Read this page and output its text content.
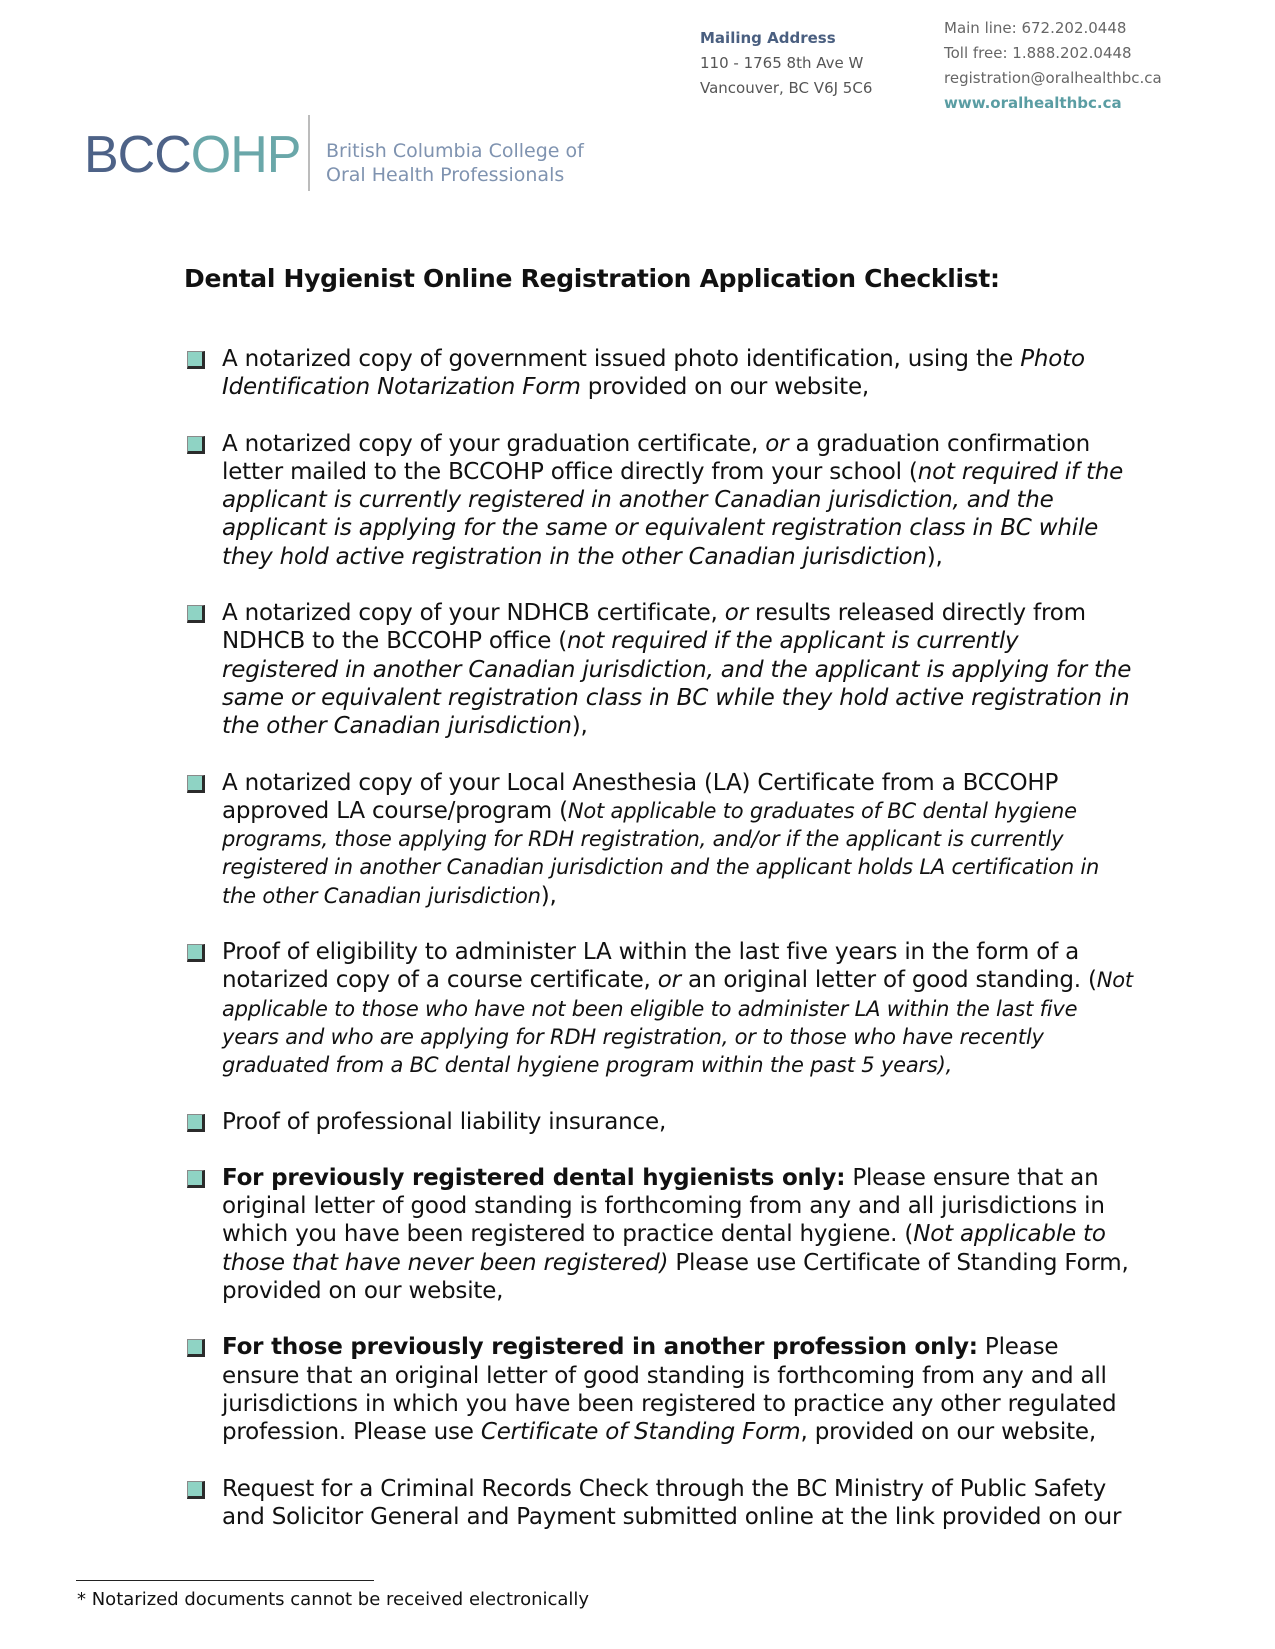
Mailing Address
110 - 1765 8th Ave W
Vancouver, BC V6J 5C6
Main line: 672.202.0448
Toll free: 1.888.202.0448
registration@oralhealthbc.ca
www.oralhealthbc.ca
BCCOHP British Columbia College of
Oral Health Professionals
Dental Hygienist Online Registration Application Checklist:
A notarized copy of government issued photo identification, using the Photo Identification Notarization Form provided on our website,
A notarized copy of your graduation certificate, or a graduation confirmation letter mailed to the BCCOHP office directly from your school (not required if the applicant is currently registered in another Canadian jurisdiction, and the applicant is applying for the same or equivalent registration class in BC while they hold active registration in the other Canadian jurisdiction),
A notarized copy of your NDHCB certificate, or results released directly from NDHCB to the BCCOHP office (not required if the applicant is currently registered in another Canadian jurisdiction, and the applicant is applying for the same or equivalent registration class in BC while they hold active registration in the other Canadian jurisdiction),
A notarized copy of your Local Anesthesia (LA) Certificate from a BCCOHP approved LA course/program (Not applicable to graduates of BC dental hygiene programs, those applying for RDH registration, and/or if the applicant is currently registered in another Canadian jurisdiction and the applicant holds LA certification in the other Canadian jurisdiction),
Proof of eligibility to administer LA within the last five years in the form of a notarized copy of a course certificate, or an original letter of good standing. (Not applicable to those who have not been eligible to administer LA within the last five years and who are applying for RDH registration, or to those who have recently graduated from a BC dental hygiene program within the past 5 years),
Proof of professional liability insurance,
For previously registered dental hygienists only: Please ensure that an original letter of good standing is forthcoming from any and all jurisdictions in which you have been registered to practice dental hygiene. (Not applicable to those that have never been registered) Please use Certificate of Standing Form, provided on our website,
For those previously registered in another profession only: Please ensure that an original letter of good standing is forthcoming from any and all jurisdictions in which you have been registered to practice any other regulated profession. Please use Certificate of Standing Form, provided on our website,
Request for a Criminal Records Check through the BC Ministry of Public Safety and Solicitor General and Payment submitted online at the link provided on our
* Notarized documents cannot be received electronically
